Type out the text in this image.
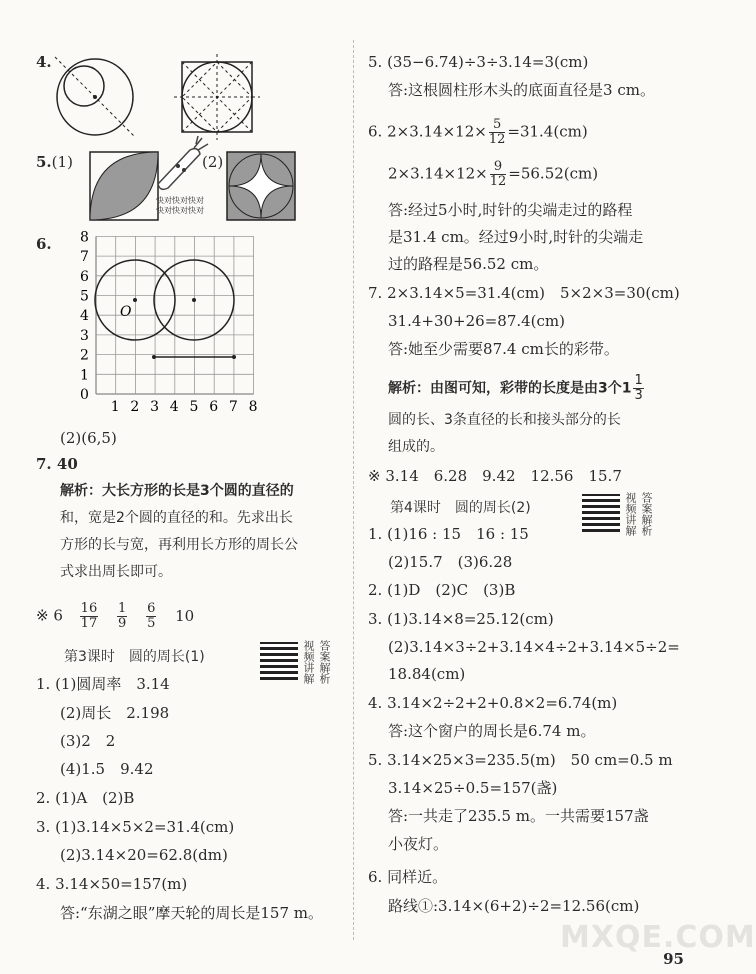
4.
5.(1)
快对快对快对
快对快对快对
(2)
6. 8
7
6
5
4
3
2
1
0
1 2 3 4 5 6 7 8
O
(2)(6,5)
7. 40
解析：大长方形的长是3个圆的直径的
和，宽是2个圆的直径的和。先求出长
方形的长与宽，再利用长方形的周长公
式求出周长即可。
※ $6 \frac{16}{17}$
$\frac{1}{9}$
$\frac{6}{5} 10$
第3课时　圆的周长(1)	视频讲解 答案解析
1. (1)圆周率　3.14
(2)周长　2.198
(3)2　2
(4)1.5　9.42
2. (1)A　(2)B
3. (1)3.14×5×2=31.4(cm)
(2)3.14×20=62.8(dm)
4. 3.14×50=157(m)
答:“东湖之眼”摩天轮的周长是157 m。
5. (35−6.74)÷3÷3.14=3(cm)
答:这根圆柱形木头的底面直径是3 cm。
6. $2\times 3.14\times 12\times \frac{5}{12} =31.4(cm)$
$2\times 3.14\times 12\times \frac{9}{12} =56.52(cm)$
答:经过5小时,时针的尖端走过的路程
是31.4 cm。经过9小时,时针的尖端走
过的路程是56.52 cm。
7. 2×3.14×5=31.4(cm)　5×2×3=30(cm)
31.4+30+26=87.4(cm)
答:她至少需要87.4 cm长的彩带。
解析：由图可知，彩带的长度是由3个$1 \frac{1}{3}$
圆的长、3条直径的长和接头部分的长
组成的。
※ 3.14　6.28　9.42　12.56　15.7
第4课时　圆的周长(2)	视频讲解 答案解析
1. (1)16 : 15　16 : 15
(2)15.7　(3)6.28
2. (1)D　(2)C　(3)B
3. (1)3.14×8=25.12(cm)
(2)3.14×3÷2+3.14×4÷2+3.14×5÷2=
18.84(cm)
4. 3.14×2÷2+2+0.8×2=6.74(m)
答:这个窗户的周长是6.74 m。
5. 3.14×25×3=235.5(m)　50 cm=0.5 m
3.14×25÷0.5=157(盏)
答:一共走了235.5 m。一共需要157盏
小夜灯。
6. 同样近。
路线①:3.14×(6+2)÷2=12.56(cm)
MXQE.COM
95
